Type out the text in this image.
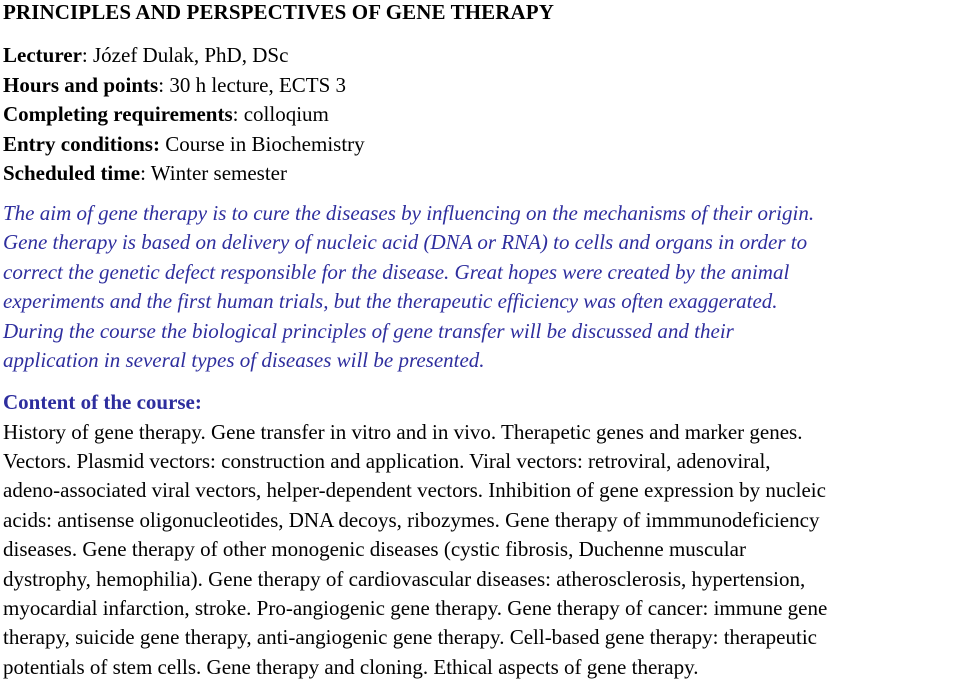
PRINCIPLES AND PERSPECTIVES OF GENE THERAPY
Lecturer: Józef Dulak, PhD, DSc
Hours and points: 30 h lecture, ECTS 3
Completing requirements: colloqium
Entry conditions: Course in Biochemistry
Scheduled time: Winter semester
The aim of gene therapy is to cure the diseases by influencing on the mechanisms of their origin.
Gene therapy is based on delivery of nucleic acid (DNA or RNA) to cells and organs in order to
correct the genetic defect responsible for the disease. Great hopes were created by the animal
experiments and the first human trials, but the therapeutic efficiency was often exaggerated.
During the course the biological principles of gene transfer will be discussed and their
application in several types of diseases will be presented.
Content of the course:
History of gene therapy. Gene transfer in vitro and in vivo. Therapetic genes and marker genes.
Vectors. Plasmid vectors: construction and application. Viral vectors: retroviral, adenoviral,
adeno-associated viral vectors, helper-dependent vectors. Inhibition of gene expression by nucleic
acids: antisense oligonucleotides, DNA decoys, ribozymes. Gene therapy of immmunodeficiency
diseases. Gene therapy of other monogenic diseases (cystic fibrosis, Duchenne muscular
dystrophy, hemophilia). Gene therapy of cardiovascular diseases: atherosclerosis, hypertension,
myocardial infarction, stroke. Pro-angiogenic gene therapy. Gene therapy of cancer: immune gene
therapy, suicide gene therapy, anti-angiogenic gene therapy. Cell-based gene therapy: therapeutic
potentials of stem cells. Gene therapy and cloning. Ethical aspects of gene therapy.
